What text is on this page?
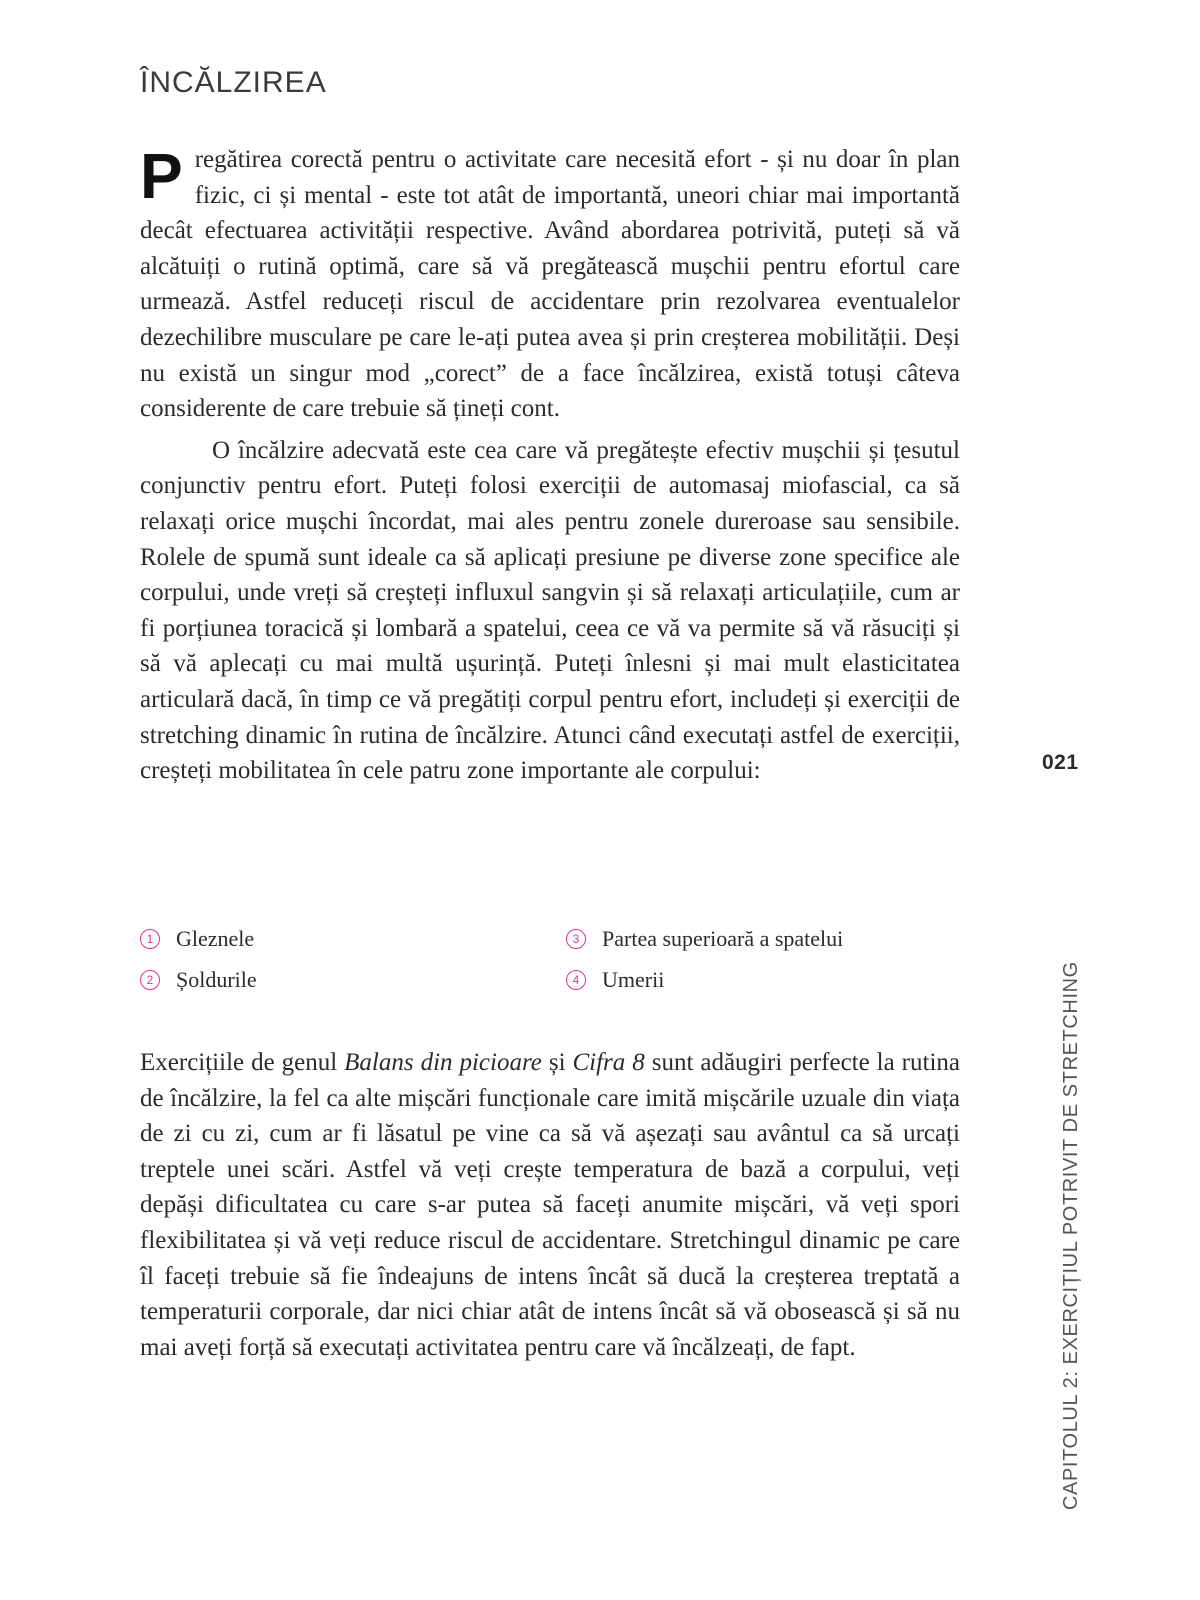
ÎNCĂLZIREA

P regătirea corectă pentru o activitate care necesită efort - și nu doar în plan fizic, ci și mental - este tot atât de importantă, uneori chiar mai importantă decât efectuarea activității respective. Având abordarea potrivită, puteți să vă alcătuiți o rutină optimă, care să vă pregătească mușchii pentru efortul care urmează. Astfel reduceți riscul de accidentare prin rezolvarea eventualelor dezechilibre musculare pe care le-ați putea avea și prin creșterea mobilității. Deși nu există un singur mod „corect” de a face încălzirea, există totuși câteva considerente de care trebuie să țineți cont.

O încălzire adecvată este cea care vă pregătește efectiv mușchii și țesutul conjunctiv pentru efort. Puteți folosi exerciții de automasaj miofascial, ca să relaxați orice mușchi încordat, mai ales pentru zonele dureroase sau sensibile. Rolele de spumă sunt ideale ca să aplicați presiune pe diverse zone specifice ale corpului, unde vreți să creșteți influxul sangvin și să relaxați articulațiile, cum ar fi porțiunea toracică și lombară a spatelui, ceea ce vă va permite să vă răsuciți și să vă aplecați cu mai multă ușurință. Puteți înlesni și mai mult elasticitatea articulară dacă, în timp ce vă pregătiți corpul pentru efort, includeți și exerciții de stretching dinamic în rutina de încălzire. Atunci când executați astfel de exerciții, creșteți mobilitatea în cele patru zone importante ale corpului:

1	Gleznele	3	Partea superioară a spatelui
2	Șoldurile	4	Umerii

Exercițiile de genul Balans din picioare și Cifra 8 sunt adăugiri perfecte la rutina de încălzire, la fel ca alte mișcări funcționale care imită mișcările uzuale din viața de zi cu zi, cum ar fi lăsatul pe vine ca să vă așezați sau avântul ca să urcați treptele unei scări. Astfel vă veți crește temperatura de bază a corpului, veți depăși dificultatea cu care s-ar putea să faceți anumite mișcări, vă veți spori flexibilitatea și vă veți reduce riscul de accidentare. Stretchingul dinamic pe care îl faceți trebuie să fie îndeajuns de intens încât să ducă la creșterea treptată a temperaturii corporale, dar nici chiar atât de intens încât să vă obosească și să nu mai aveți forță să executați activitatea pentru care vă încălzeați, de fapt.

021
CAPITOLUL 2: EXERCIȚIUL POTRIVIT DE STRETCHING
